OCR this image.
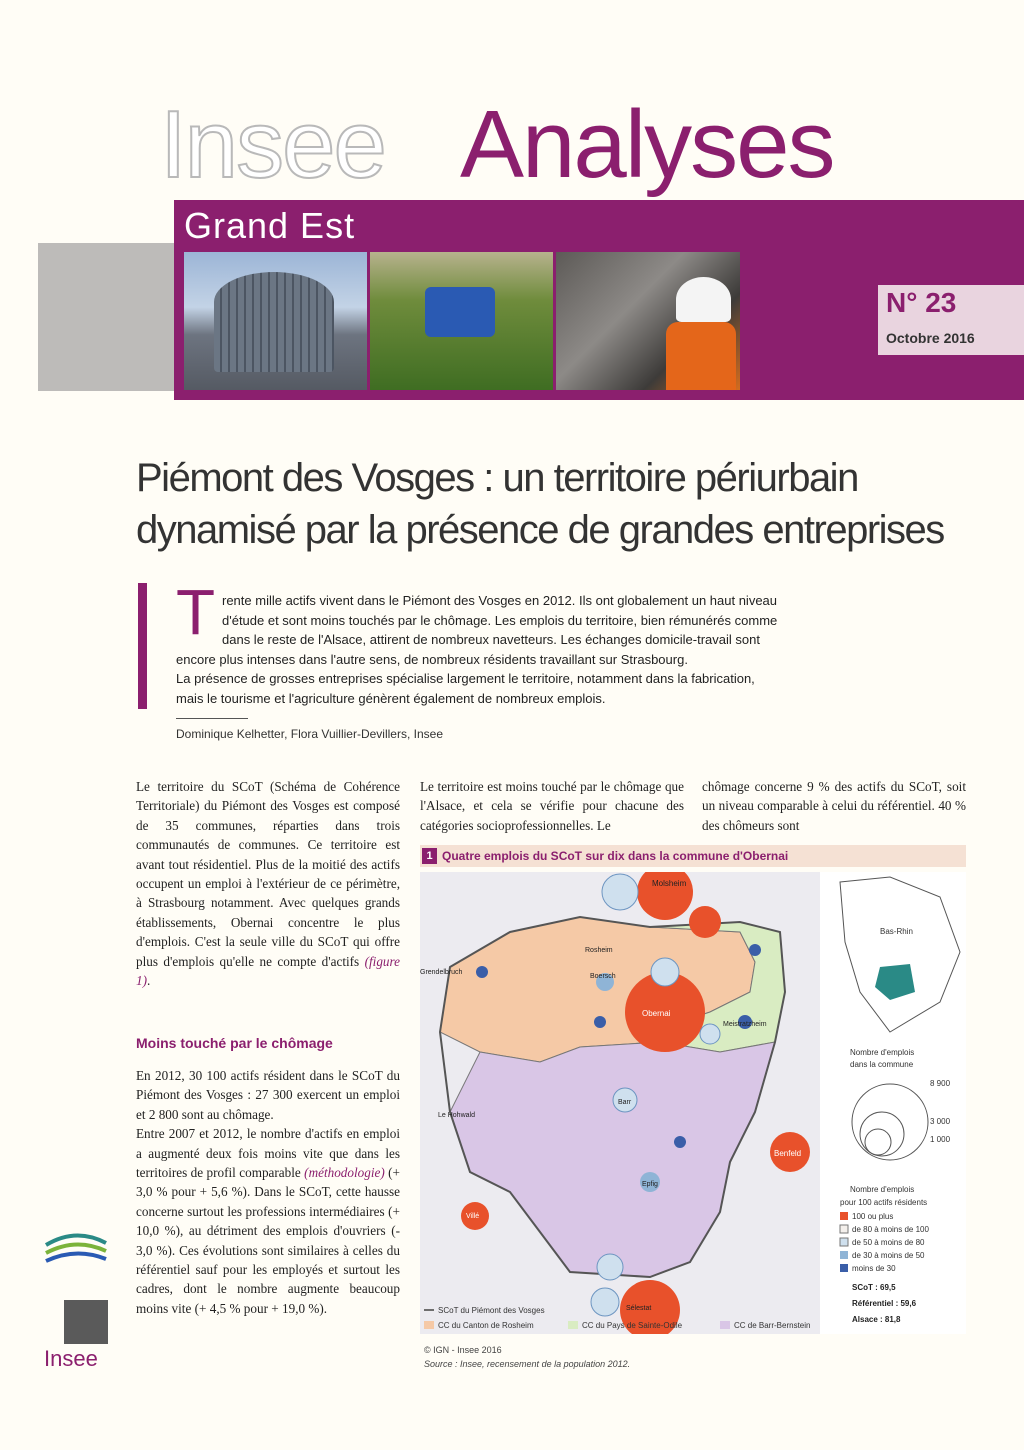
Insee Analyses
Grand Est
N° 23
Octobre 2016
Piémont des Vosges : un territoire périurbain
dynamisé par la présence de grandes entreprises
T rente mille actifs vivent dans le Piémont des Vosges en 2012. Ils ont globalement un haut niveau
d'étude et sont moins touchés par le chômage. Les emplois du territoire, bien rémunérés comme
dans le reste de l'Alsace, attirent de nombreux navetteurs. Les échanges domicile-travail sont
encore plus intenses dans l'autre sens, de nombreux résidents travaillant sur Strasbourg.
La présence de grosses entreprises spécialise largement le territoire, notamment dans la fabrication,
mais le tourisme et l'agriculture génèrent également de nombreux emplois.
Dominique Kelhetter, Flora Vuillier-Devillers, Insee
Le territoire du SCoT (Schéma de Cohérence Territoriale) du Piémont des Vosges est composé de 35 communes, réparties dans trois communautés de communes. Ce territoire est avant tout résidentiel. Plus de la moitié des actifs occupent un emploi à l'extérieur de ce périmètre, à Strasbourg notamment. Avec quelques grands établissements, Obernai concentre le plus d'emplois. C'est la seule ville du SCoT qui offre plus d'emplois qu'elle ne compte d'actifs (figure 1).
Moins touché par le chômage

En 2012, 30 100 actifs résident dans le SCoT du Piémont des Vosges : 27 300 exercent un emploi et 2 800 sont au chômage.

Entre 2007 et 2012, le nombre d'actifs en emploi a augmenté deux fois moins vite que dans les territoires de profil comparable (méthodologie) (+ 3,0 % pour + 5,6 %). Dans le SCoT, cette hausse concerne surtout les professions intermédiaires (+ 10,0 %), au détriment des emplois d'ouvriers (- 3,0 %). Ces évolutions sont similaires à celles du référentiel sauf pour les employés et surtout les cadres, dont le nombre augmente beaucoup moins vite (+ 4,5 % pour + 19,0 %).

Le territoire est moins touché par le chômage que l'Alsace, et cela se vérifie pour chacune des catégories socioprofessionnelles. Le
chômage concerne 9 % des actifs du SCoT, soit un niveau comparable à celui du référentiel. 40 % des chômeurs sont
1 Quatre emplois du SCoT sur dix dans la commune d'Obernai
Molsheim
Obernai
Benfeld
Villé
Boersch
Rosheim
Grendelbruch
Le Hohwald
Barr
Epfig
Meistratzheim
Sélestat
Bas-Rhin
Nombre d'emplois
dans la commune
8 900
3 000
1 000
Nombre d'emplois
pour 100 actifs résidents
100 ou plus
de 80 à moins de 100
de 50 à moins de 80
de 30 à moins de 50
moins de 30
SCoT : 69,5
Référentiel : 59,6
Alsace : 81,8
SCoT du Piémont des Vosges
CC du Canton de Rosheim	CC du Pays de Sainte-Odile	CC de Barr-Bernstein
© IGN - Insee 2016
Source : Insee, recensement de la population 2012.
Insee
